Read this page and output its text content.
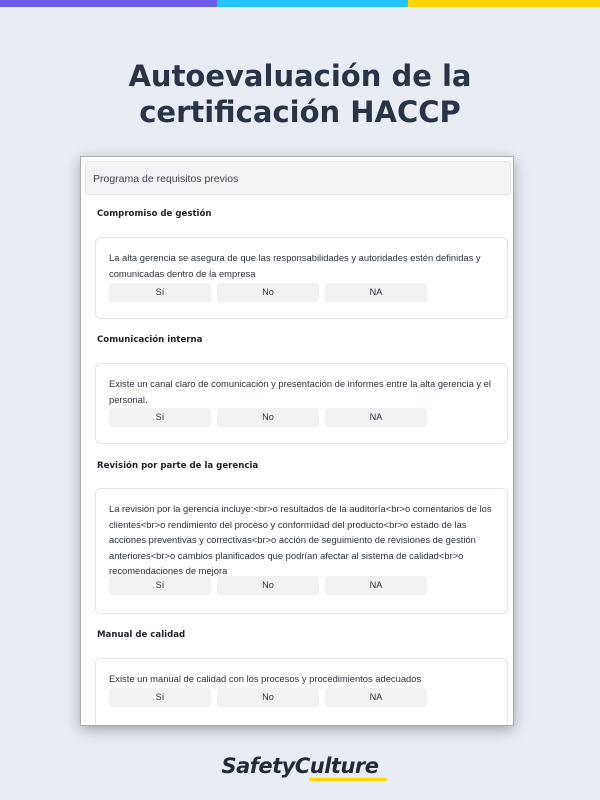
Autoevaluación de la
certificación HACCP
Programa de requisitos previos
Compromiso de gestión

La alta gerencia se asegura de que las responsabilidades y autoridades estén definidas y comunicadas dentro de la empresa

Sí	No	NA
Comunicación interna

Existe un canal claro de comunicación y presentación de informes entre la alta gerencia y el personal.

Sí	No	NA
Revisión por parte de la gerencia

La revisión por la gerencia incluye:<br>o resultados de la auditoría<br>o comentarios de los clientes<br>o rendimiento del proceso y conformidad del producto<br>o estado de las acciones preventivas y correctivas<br>o acción de seguimiento de revisiones de gestión anteriores<br>o cambios planificados que podrían afectar al sistema de calidad<br>o recomendaciones de mejora

Sí	No	NA
Manual de calidad

Existe un manual de calidad con los procesos y procedimientos adecuados

Sí	No	NA
SafetyCulture
